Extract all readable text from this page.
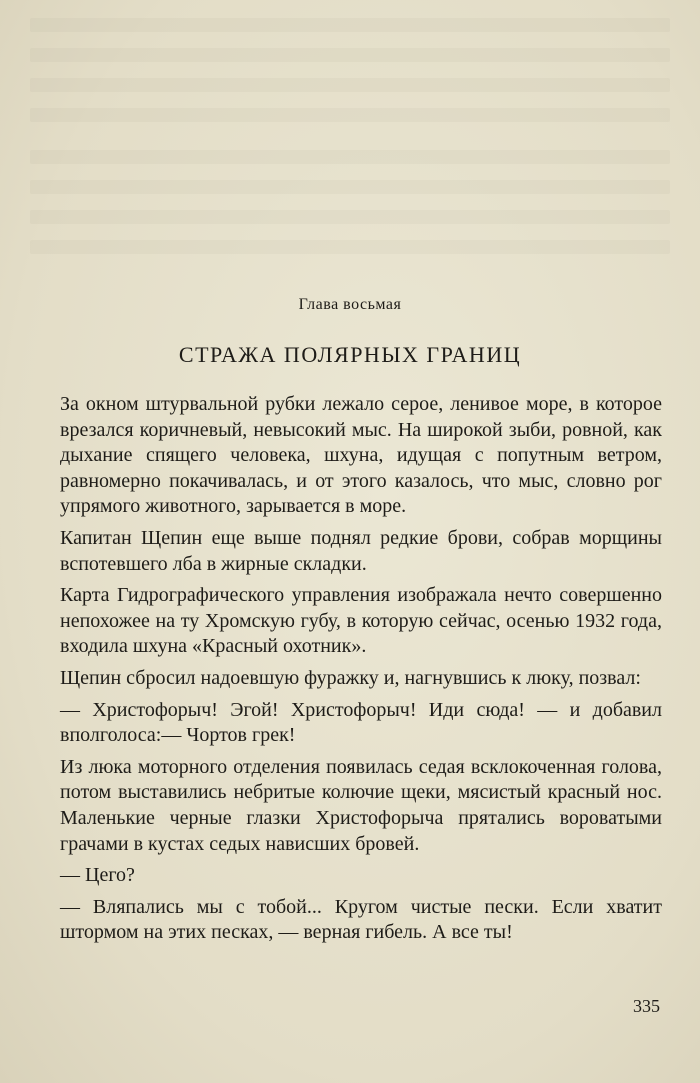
Глава восьмая
СТРАЖА ПОЛЯРНЫХ ГРАНИЦ

За окном штурвальной рубки лежало серое, ленивое море, в которое врезался коричневый, невысокий мыс. На широкой зыби, ровной, как дыхание спящего человека, шхуна, идущая с попутным ветром, равномерно покачивалась, и от этого казалось, что мыс, словно рог упрямого животного, зарывается в море.

Капитан Щепин еще выше поднял редкие брови, собрав морщины вспотевшего лба в жирные складки.

Карта Гидрографического управления изображала нечто совершенно непохожее на ту Хромскую губу, в которую сейчас, осенью 1932 года, входила шхуна «Красный охотник».

Щепин сбросил надоевшую фуражку и, нагнувшись к люку, позвал:

— Христофорыч! Эгой! Христофорыч! Иди сюда! — и добавил вполголоса:— Чортов грек!

Из люка моторного отделения появилась седая всклокоченная голова, потом выставились небритые колючие щеки, мясистый красный нос. Маленькие черные глазки Христофорыча прятались вороватыми грачами в кустах седых нависших бровей.

— Цего?

— Вляпались мы с тобой... Кругом чистые пески. Если хватит штормом на этих песках, — верная гибель. А все ты!

335
